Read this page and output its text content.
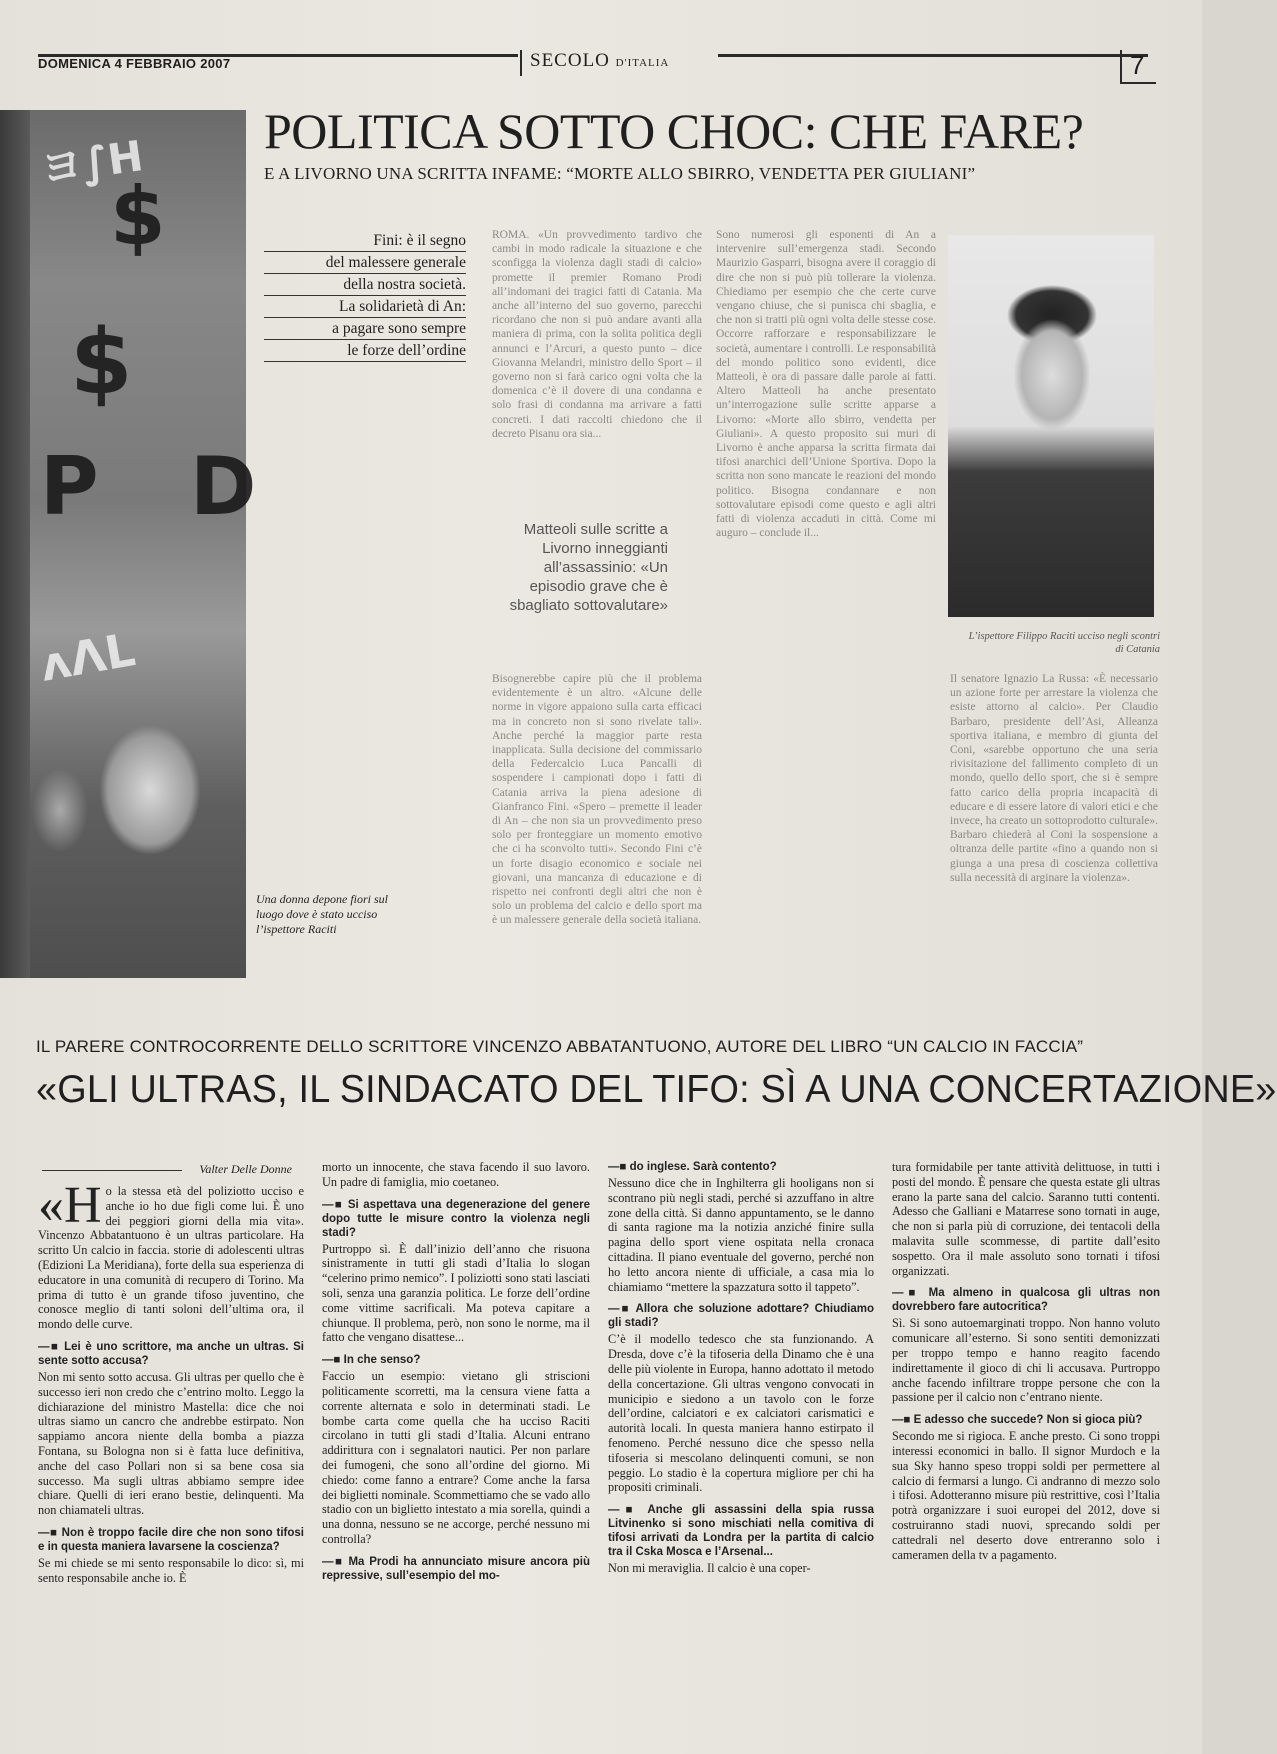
DOMENICA 4 FEBBRAIO 2007	SECOLO D'ITALIA	7
ヨ∫H
$
$
P D
ʌɅL
Una donna depone fiori sul luogo dove è stato ucciso l’ispettore Raciti
POLITICA SOTTO CHOC: CHE FARE?
E A LIVORNO UNA SCRITTA INFAME: “MORTE ALLO SBIRRO, VENDETTA PER GIULIANI”
Fini: è il segno
del malessere generale
della nostra società.
La solidarietà di An:
a pagare sono sempre
le forze dell’ordine
ROMA. «Un provvedimento tardivo che cambi in modo radicale la situazione e che sconfigga la violenza dagli stadi di calcio» promette il premier Romano Prodi all’indomani dei tragici fatti di Catania. Ma anche all’interno del suo governo, parecchi ricordano che non si può andare avanti alla maniera di prima, con la solita politica degli annunci e l’Arcuri, a questo punto – dice Giovanna Melandri, ministro dello Sport – il governo non si farà carico ogni volta che la domenica c’è il dovere di una condanna e solo frasi di condanna ma arrivare a fatti concreti. I dati raccolti chiedono che il decreto Pisanu ora sia...
Matteoli sulle scritte a Livorno inneggianti all’assassinio: «Un episodio grave che è sbagliato sottovalutare»
Bisognerebbe capire più che il problema evidentemente è un altro. «Alcune delle norme in vigore appaiono sulla carta efficaci ma in concreto non si sono rivelate tali». Anche perché la maggior parte resta inapplicata. Sulla decisione del commissario della Federcalcio Luca Pancalli di sospendere i campionati dopo i fatti di Catania arriva la piena adesione di Gianfranco Fini. «Spero – premette il leader di An – che non sia un provvedimento preso solo per fronteggiare un momento emotivo che ci ha sconvolto tutti». Secondo Fini c’è un forte disagio economico e sociale nei giovani, una mancanza di educazione e di rispetto nei confronti degli altri che non è solo un problema del calcio e dello sport ma è un malessere generale della società italiana.
Sono numerosi gli esponenti di An a intervenire sull’emergenza stadi. Secondo Maurizio Gasparri, bisogna avere il coraggio di dire che non si può più tollerare la violenza. Chiediamo per esempio che che certe curve vengano chiuse, che si punisca chi sbaglia, e che non si tratti più ogni volta delle stesse cose. Occorre rafforzare e responsabilizzare le società, aumentare i controlli. Le responsabilità del mondo politico sono evidenti, dice Matteoli, è ora di passare dalle parole ai fatti. Altero Matteoli ha anche presentato un’interrogazione sulle scritte apparse a Livorno: «Morte allo sbirro, vendetta per Giuliani». A questo proposito sui muri di Livorno è anche apparsa la scritta firmata dai tifosi anarchici dell’Unione Sportiva. Dopo la scritta non sono mancate le reazioni del mondo politico. Bisogna condannare e non sottovalutare episodi come questo e agli altri fatti di violenza accaduti in città. Come mi auguro – conclude il...
L’ispettore Filippo Raciti ucciso negli scontri di Catania
Il senatore Ignazio La Russa: «È necessario un azione forte per arrestare la violenza che esiste attorno al calcio». Per Claudio Barbaro, presidente dell’Asi, Alleanza sportiva italiana, e membro di giunta del Coni, «sarebbe opportuno che una seria rivisitazione del fallimento completo di un mondo, quello dello sport, che si è sempre fatto carico della propria incapacità di educare e di essere latore di valori etici e che invece, ha creato un sottoprodotto culturale». Barbaro chiederà al Coni la sospensione a oltranza delle partite «fino a quando non si giunga a una presa di coscienza collettiva sulla necessità di arginare la violenza».
IL PARERE CONTROCORRENTE DELLO SCRITTORE VINCENZO ABBATANTUONO, AUTORE DEL LIBRO “UN CALCIO IN FACCIA”
«GLI ULTRAS, IL SINDACATO DEL TIFO: SÌ A UNA CONCERTAZIONE»
Valter Delle Donne
«H o la stessa età del poliziotto ucciso e anche io ho due figli come lui. È uno dei peggiori giorni della mia vita». Vincenzo Abbatantuono è un ultras particolare. Ha scritto Un calcio in faccia. storie di adolescenti ultras (Edizioni La Meridiana), forte della sua esperienza di educatore in una comunità di recupero di Torino. Ma prima di tutto è un grande tifoso juventino, che conosce meglio di tanti soloni dell’ultima ora, il mondo delle curve.
—■ Lei è uno scrittore, ma anche un ultras. Si sente sotto accusa?
Non mi sento sotto accusa. Gli ultras per quello che è successo ieri non credo che c’entrino molto. Leggo la dichiarazione del ministro Mastella: dice che noi ultras siamo un cancro che andrebbe estirpato. Non sappiamo ancora niente della bomba a piazza Fontana, su Bologna non si è fatta luce definitiva, anche del caso Pollari non si sa bene cosa sia successo. Ma sugli ultras abbiamo sempre idee chiare. Quelli di ieri erano bestie, delinquenti. Ma non chiamateli ultras.
—■ Non è troppo facile dire che non sono tifosi e in questa maniera lavarsene la coscienza?
Se mi chiede se mi sento responsabile lo dico: sì, mi sento responsabile anche io. È
morto un innocente, che stava facendo il suo lavoro. Un padre di famiglia, mio coetaneo.
—■ Si aspettava una degenerazione del genere dopo tutte le misure contro la violenza negli stadi?
Purtroppo sì. È dall’inizio dell’anno che risuona sinistramente in tutti gli stadi d’Italia lo slogan “celerino primo nemico”. I poliziotti sono stati lasciati soli, senza una garanzia politica. Le forze dell’ordine come vittime sacrificali. Ma poteva capitare a chiunque. Il problema, però, non sono le norme, ma il fatto che vengano disattese...
—■ In che senso?
Faccio un esempio: vietano gli striscioni politicamente scorretti, ma la censura viene fatta a corrente alternata e solo in determinati stadi. Le bombe carta come quella che ha ucciso Raciti circolano in tutti gli stadi d’Italia. Alcuni entrano addirittura con i segnalatori nautici. Per non parlare dei fumogeni, che sono all’ordine del giorno. Mi chiedo: come fanno a entrare? Come anche la farsa dei biglietti nominale. Scommettiamo che se vado allo stadio con un biglietto intestato a mia sorella, quindi a una donna, nessuno se ne accorge, perché nessuno mi controlla?
—■ Ma Prodi ha annunciato misure ancora più repressive, sull’esempio del mo-
—■ do inglese. Sarà contento?
Nessuno dice che in Inghilterra gli hooligans non si scontrano più negli stadi, perché si azzuffano in altre zone della città. Si danno appuntamento, se le danno di santa ragione ma la notizia anziché finire sulla pagina dello sport viene ospitata nella cronaca cittadina. Il piano eventuale del governo, perché non ho letto ancora niente di ufficiale, a casa mia lo chiamiamo “mettere la spazzatura sotto il tappeto”.
—■ Allora che soluzione adottare? Chiudiamo gli stadi?
C’è il modello tedesco che sta funzionando. A Dresda, dove c’è la tifoseria della Dinamo che è una delle più violente in Europa, hanno adottato il metodo della concertazione. Gli ultras vengono convocati in municipio e siedono a un tavolo con le forze dell’ordine, calciatori e ex calciatori carismatici e autorità locali. In questa maniera hanno estirpato il fenomeno. Perché nessuno dice che spesso nella tifoseria si mescolano delinquenti comuni, se non peggio. Lo stadio è la copertura migliore per chi ha propositi criminali.
—■ Anche gli assassini della spia russa Litvinenko si sono mischiati nella comitiva di tifosi arrivati da Londra per la partita di calcio tra il Cska Mosca e l’Arsenal...
Non mi meraviglia. Il calcio è una coper-
tura formidabile per tante attività delittuose, in tutti i posti del mondo. È pensare che questa estate gli ultras erano la parte sana del calcio. Saranno tutti contenti. Adesso che Galliani e Matarrese sono tornati in auge, che non si parla più di corruzione, dei tentacoli della malavita sulle scommesse, di partite dall’esito sospetto. Ora il male assoluto sono tornati i tifosi organizzati.
—■ Ma almeno in qualcosa gli ultras non dovrebbero fare autocritica?
Sì. Si sono autoemarginati troppo. Non hanno voluto comunicare all’esterno. Si sono sentiti demonizzati per troppo tempo e hanno reagito facendo indirettamente il gioco di chi li accusava. Purtroppo anche facendo infiltrare troppe persone che con la passione per il calcio non c’entrano niente.
—■ E adesso che succede? Non si gioca più?
Secondo me si rigioca. E anche presto. Ci sono troppi interessi economici in ballo. Il signor Murdoch e la sua Sky hanno speso troppi soldi per permettere al calcio di fermarsi a lungo. Ci andranno di mezzo solo i tifosi. Adotteranno misure più restrittive, così l’Italia potrà organizzare i suoi europei del 2012, dove si costruiranno stadi nuovi, sprecando soldi per cattedrali nel deserto dove entreranno solo i cameramen della tv a pagamento.
